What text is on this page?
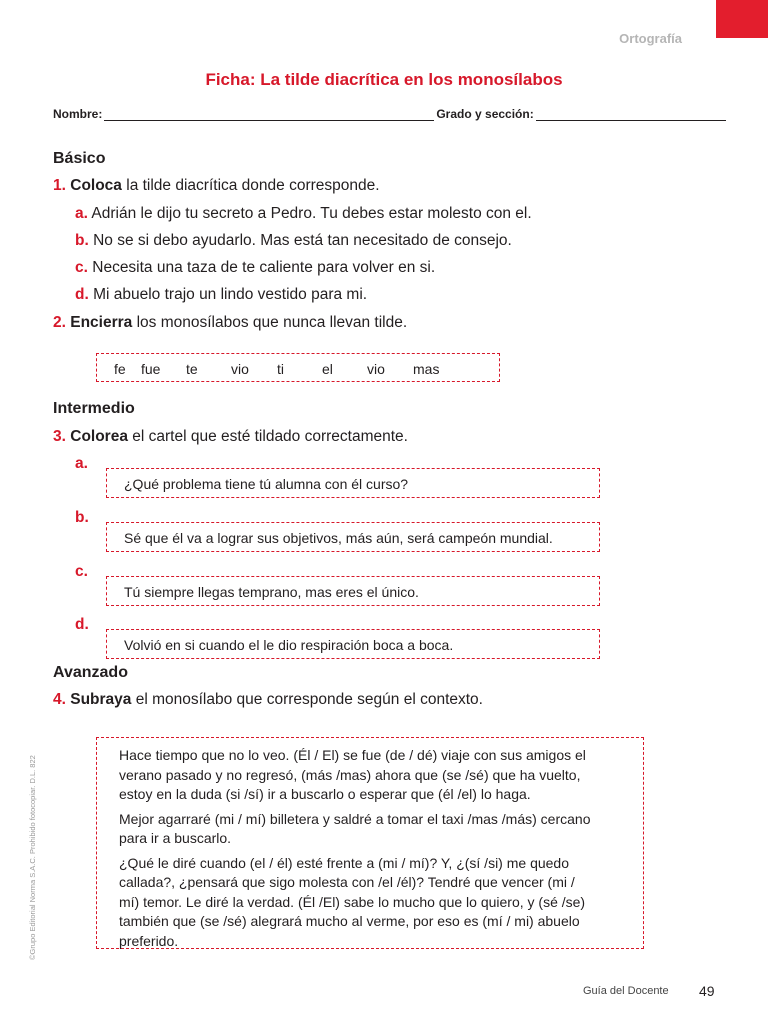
Ortografía
Ficha: La tilde diacrítica en los monosílabos
Nombre:	Grado y sección:
Básico
1. Coloca la tilde diacrítica donde corresponde.
a. Adrián le dijo tu secreto a Pedro. Tu debes estar molesto con el.
b. No se si debo ayudarlo. Mas está tan necesitado de consejo.
c. Necesita una taza de te caliente para volver en si.
d. Mi abuelo trajo un lindo vestido para mi.
2. Encierra los monosílabos que nunca llevan tilde.
fe fue te vio ti	el vio mas
Intermedio
3. Colorea el cartel que esté tildado correctamente.
a.
¿Qué problema tiene tú alumna con él curso?
b.
Sé que él va a lograr sus objetivos, más aún, será campeón mundial.
c.
Tú siempre llegas temprano, mas eres el único.
d.
Volvió en si cuando el le dio respiración boca a boca.
Avanzado
4. Subraya el monosílabo que corresponde según el contexto.

Hace tiempo que no lo veo. (Él / El) se fue (de / dé) viaje con sus amigos el
verano pasado y no regresó, (más /mas) ahora que (se /sé) que ha vuelto,
estoy en la duda (si /sí) ir a buscarlo o esperar que (él /el) lo haga.

Mejor agarraré (mi / mí) billetera y saldré a tomar el taxi /mas /más) cercano
para ir a buscarlo.

¿Qué le diré cuando (el / él) esté frente a (mi / mí)? Y, ¿(sí /si) me quedo
callada?, ¿pensará que sigo molesta con /el /él)? Tendré que vencer (mi /
mí) temor. Le diré la verdad. (Él /El) sabe lo mucho que lo quiero, y (sé /se)
también que (se /sé) alegrará mucho al verme, por eso es (mí / mi) abuelo
preferido.

©Grupo Editorial Norma S.A.C. Prohibido fotocopiar. D.L. 822
Guía del Docente 49
